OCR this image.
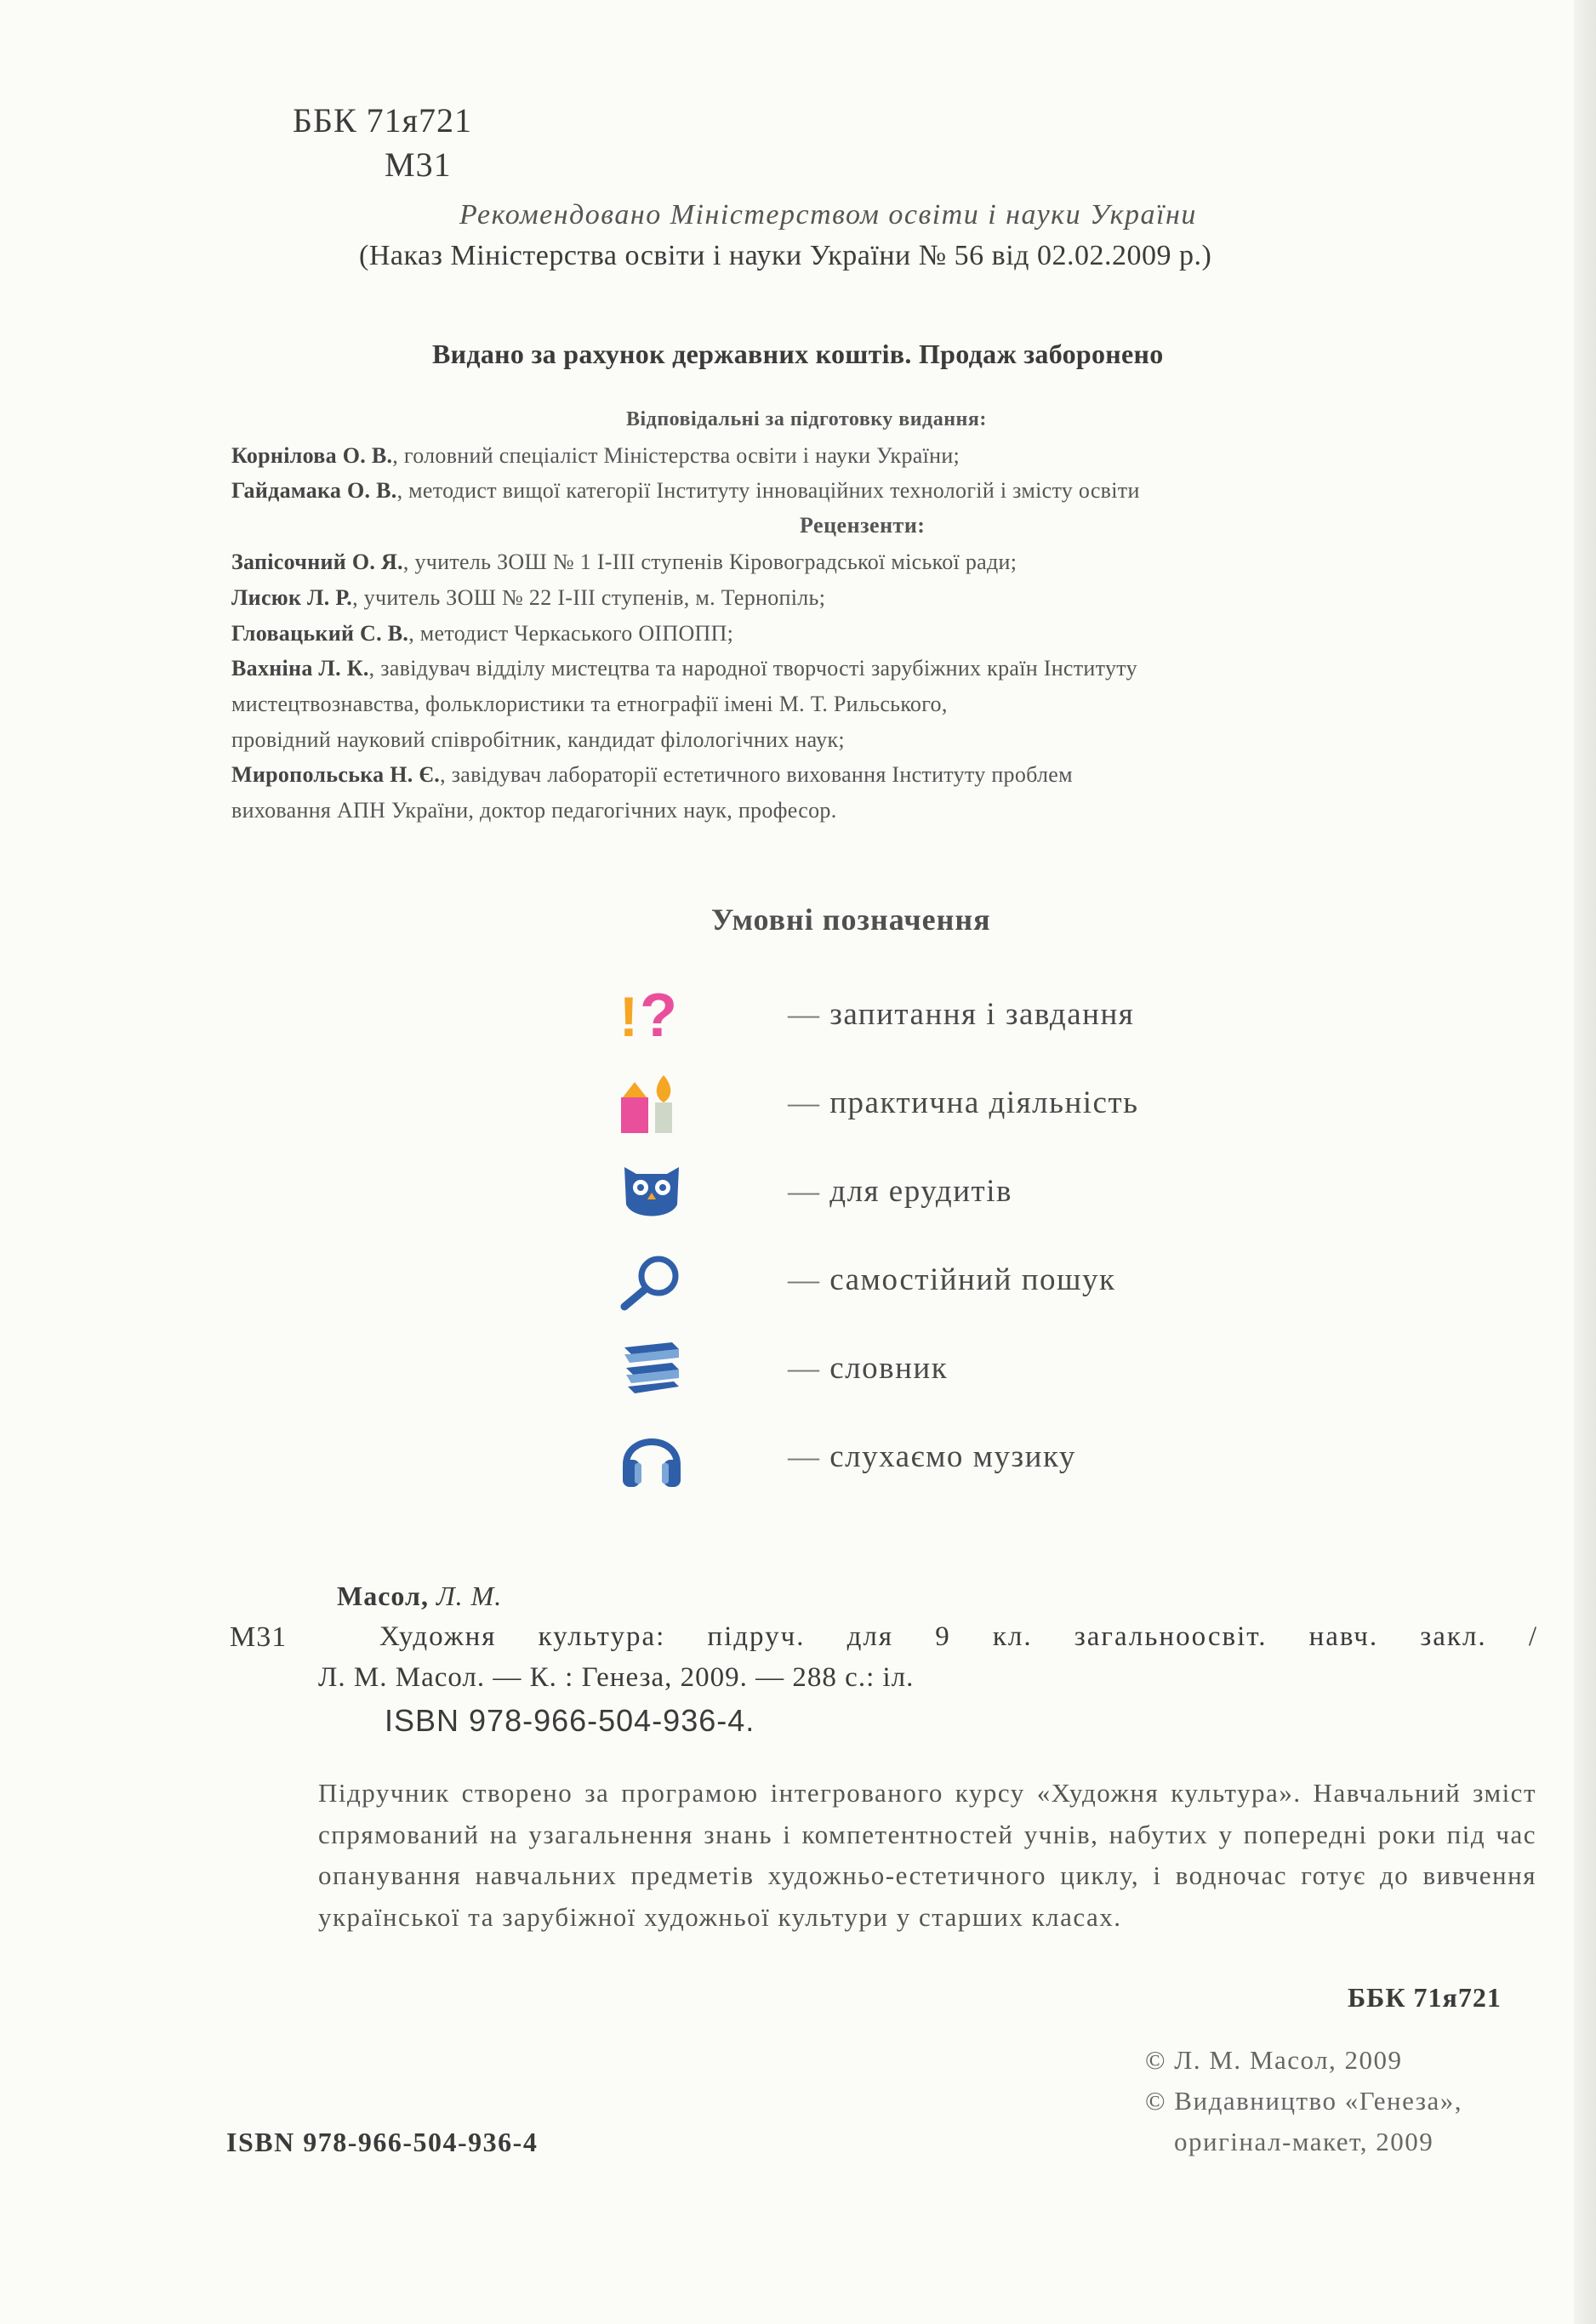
ББК 71я721
М31
Рекомендовано Міністерством освіти і науки України
(Наказ Міністерства освіти і науки України № 56 від 02.02.2009 р.)
Видано за рахунок державних коштів. Продаж заборонено
Відповідальні за підготовку видання:
Корнілова О. В., головний спеціаліст Міністерства освіти і науки України;
Гайдамака О. В., методист вищої категорії Інституту інноваційних технологій і змісту освіти
Рецензенти:
Запісочний О. Я., учитель ЗОШ № 1 І-ІІІ ступенів Кіровоградської міської ради;
Лисюк Л. Р., учитель ЗОШ № 22 І-ІІІ ступенів, м. Тернопіль;
Гловацький С. В., методист Черкаського ОІПОПП;
Вахніна Л. К., завідувач відділу мистецтва та народної творчості зарубіжних країн Інституту
мистецтвознавства, фольклористики та етнографії імені М. Т. Рильського,
провідний науковий співробітник, кандидат філологічних наук;
Миропольська Н. Є., завідувач лабораторії естетичного виховання Інституту проблем
виховання АПН України, доктор педагогічних наук, професор.
Умовні позначення
! ?
—	запитання і завдання
— практична діяльність
— для ерудитів
— самостійний пошук
— словник
— слухаємо музику
Масол, Л. М.
М31	Художня культура: підруч. для 9 кл. загальноосвіт. навч. закл. /
Л. М. Масол. — К. : Генеза, 2009. — 288 с.: іл.
ISBN 978-966-504-936-4.
Підручник створено за програмою інтегрованого курсу «Художня культура». Навчальний зміст спрямований на узагальнення знань і компетентностей учнів, набутих у попередні роки під час опанування навчальних предметів художньо-естетичного циклу, і водночас готує до вивчення української та зарубіжної художньої культури у старших класах.
ББК 71я721
© Л. М. Масол, 2009
© Видавництво «Генеза»,
оригінал-макет, 2009
ISBN 978-966-504-936-4
